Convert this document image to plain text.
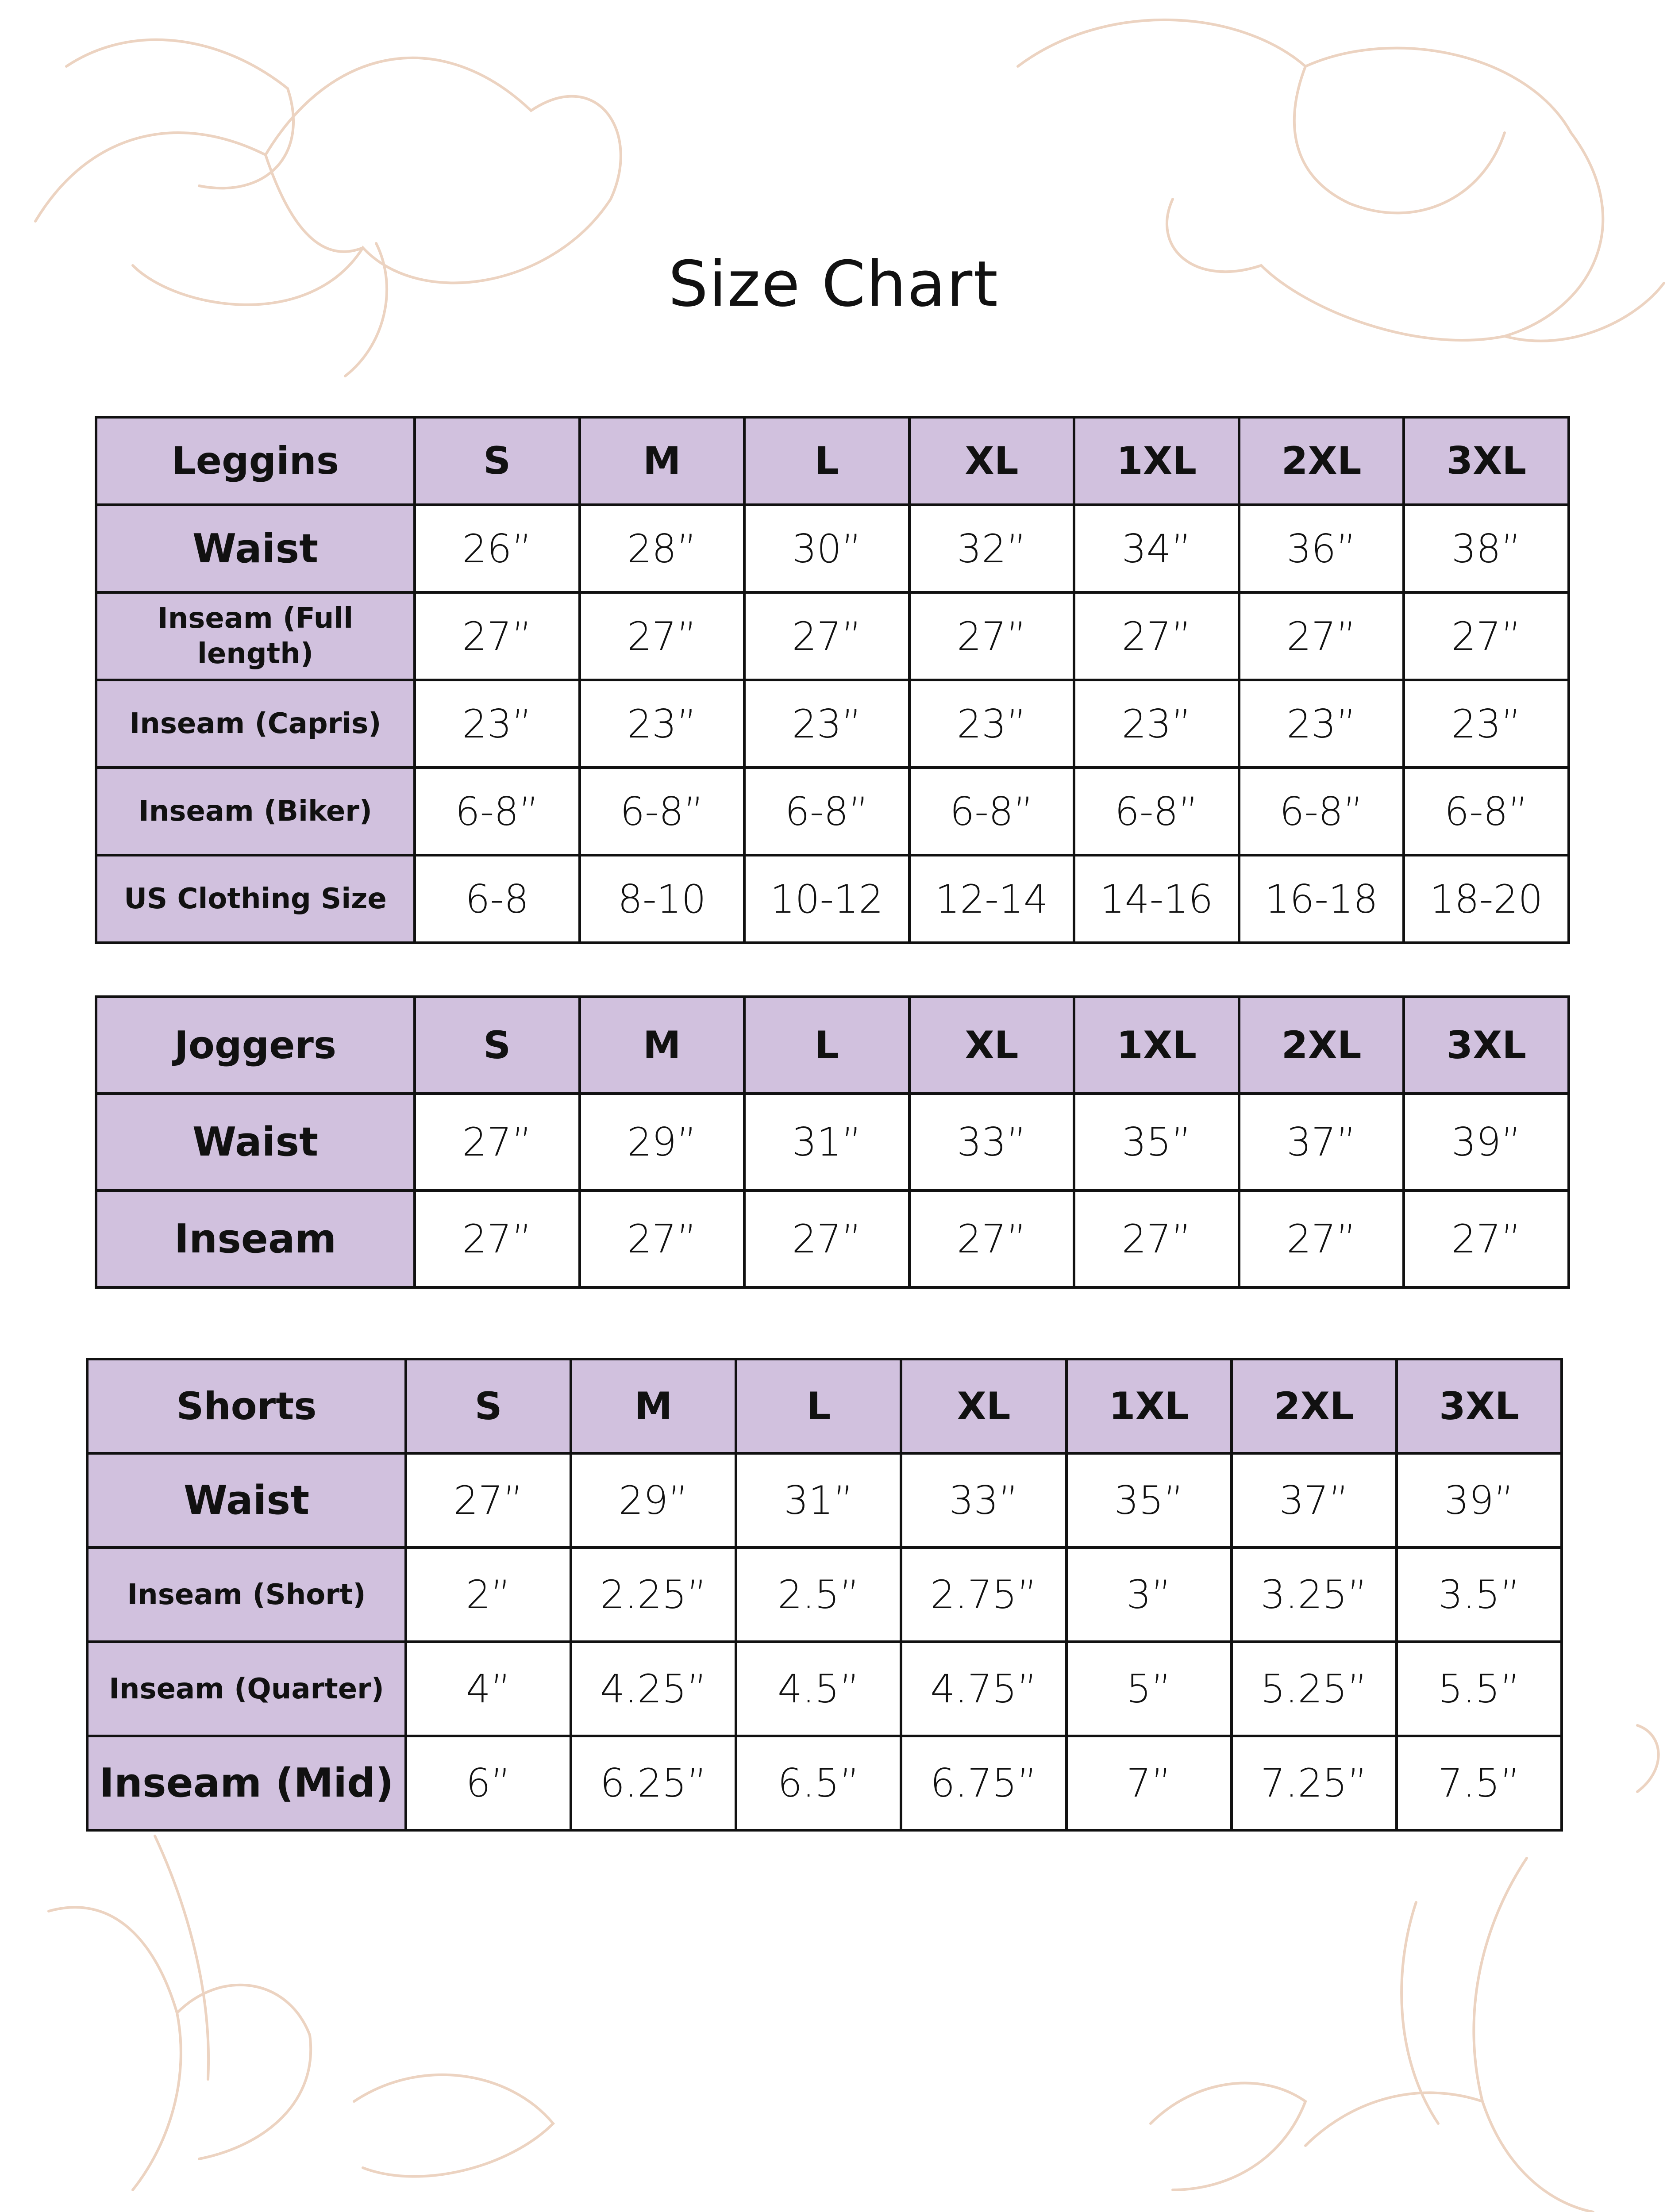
Size Chart
Leggins	S	M	L	XL	1XL	2XL	3XL
Waist	26”	28”	30”	32”	34”	36”	38”
Inseam (Full length)	27”	27”	27”	27”	27”	27”	27”
Inseam (Capris)	23”	23”	23”	23”	23”	23”	23”
Inseam (Biker)	6-8”	6-8”	6-8”	6-8”	6-8”	6-8”	6-8”
US Clothing Size	6-8	8-10	10-12	12-14	14-16	16-18	18-20
Joggers	S	M	L	XL	1XL	2XL	3XL
Waist	27”	29”	31”	33”	35”	37”	39”
Inseam	27”	27”	27”	27”	27”	27”	27”
Shorts	S	M	L	XL	1XL	2XL	3XL
Waist	27”	29”	31”	33”	35”	37”	39”
Inseam (Short)	2”	2.25”	2.5”	2.75”	3”	3.25”	3.5”
Inseam (Quarter)	4”	4.25”	4.5”	4.75”	5”	5.25”	5.5”
Inseam (Mid)	6”	6.25”	6.5”	6.75”	7”	7.25”	7.5”
